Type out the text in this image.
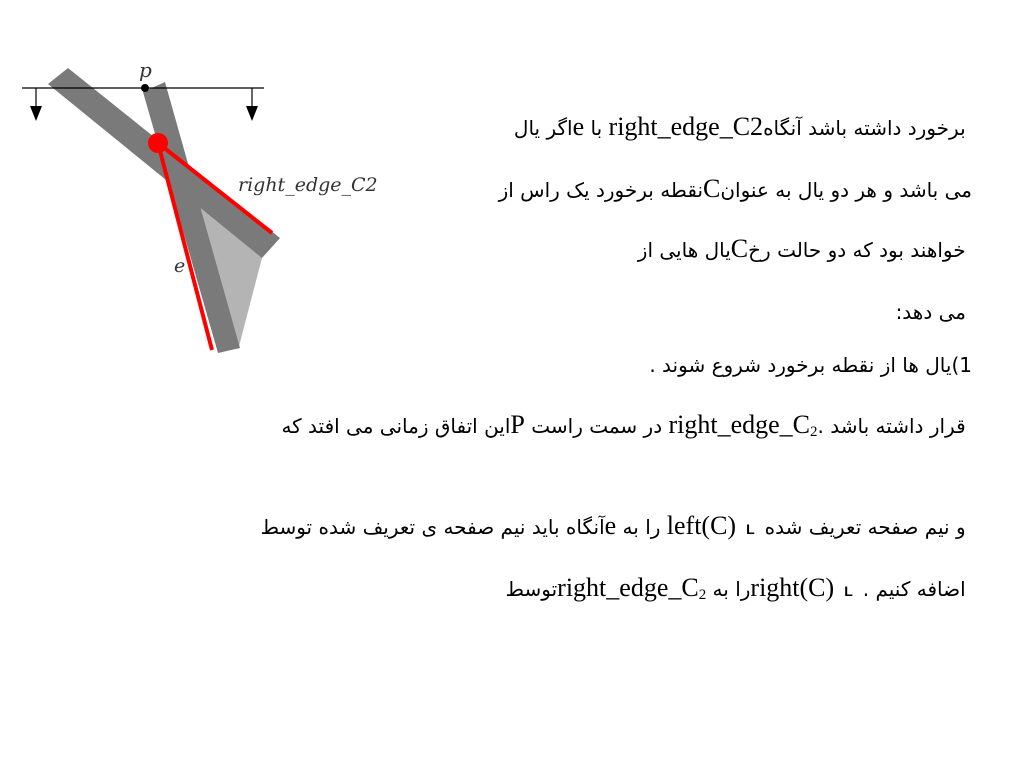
p
right_edge_C2
e
اگر یال e با right_edge_C2 برخورد داشته باشد آنگاه
نقطه برخورد یک راس ازCمی باشد و هر دو یال به عنوان
یال هایی از C خواهند بود که دو حالت رخ
می دهد:
1)یال ها از نقطه برخورد شروع شوند .
این اتفاق زمانی می افتد که P در سمت راست $right\_edge\_C_2$ قرار داشته باشد .
آنگاه باید نیم صفحه ی تعریف شده توسط e را به left(C) L و نیم صفحه تعریف شده
توسط $right\_edge\_C_2را$ به right(C) L اضافه کنیم .
